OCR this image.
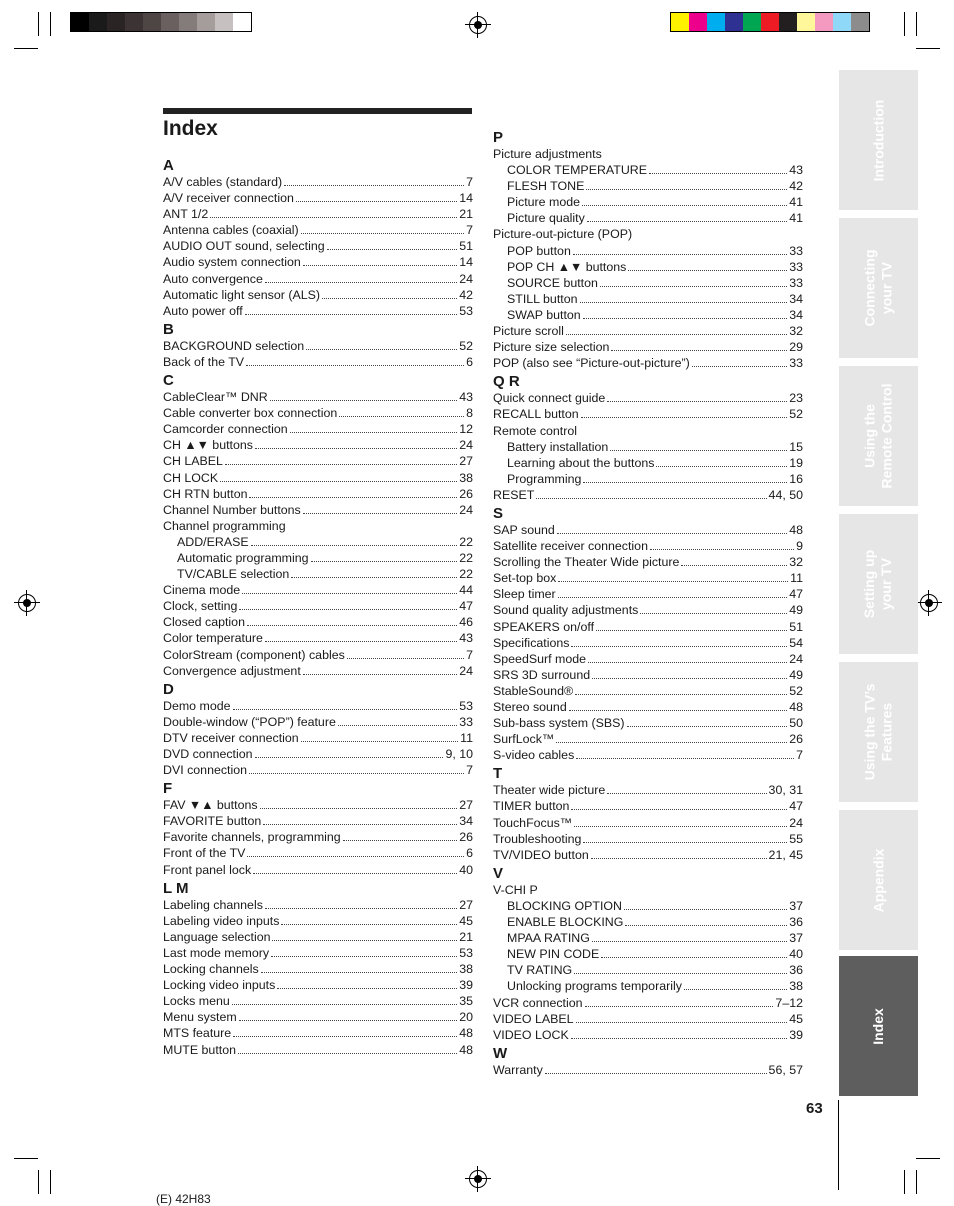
Index
A
A/V cables (standard)	7
A/V receiver connection	14
ANT 1/2	21
Antenna cables (coaxial)	7
AUDIO OUT sound, selecting	51
Audio system connection	14
Auto convergence	24
Automatic light sensor (ALS)	42
Auto power off	53
B
BACKGROUND selection	52
Back of the TV	6
C
CableClear™ DNR	43
Cable converter box connection	8
Camcorder connection	12
CH ▲▼ buttons	24
CH LABEL	27
CH LOCK	38
CH RTN button	26
Channel Number buttons	24
Channel programming
ADD/ERASE	22
Automatic programming	22
TV/CABLE selection	22
Cinema mode	44
Clock, setting	47
Closed caption	46
Color temperature	43
ColorStream (component) cables	7
Convergence adjustment	24
D
Demo mode	53
Double-window (“POP”) feature	33
DTV receiver connection	11
DVD connection	9, 10
DVI connection	7
F
FAV ▼▲ buttons	27
FAVORITE button	34
Favorite channels, programming	26
Front of the TV	6
Front panel lock	40
L M
Labeling channels	27
Labeling video inputs	45
Language selection	21
Last mode memory	53
Locking channels	38
Locking video inputs	39
Locks menu	35
Menu system	20
MTS feature	48
MUTE button	48
P
Picture adjustments
COLOR TEMPERATURE	43
FLESH TONE	42
Picture mode	41
Picture quality	41
Picture-out-picture (POP)
POP button	33
POP CH ▲▼ buttons	33
SOURCE button	33
STILL button	34
SWAP button	34
Picture scroll	32
Picture size selection	29
POP (also see “Picture-out-picture”)	33
Q R
Quick connect guide	23
RECALL button	52
Remote control
Battery installation	15
Learning about the buttons	19
Programming	16
RESET	44, 50
S
SAP sound	48
Satellite receiver connection	9
Scrolling the Theater Wide picture	32
Set-top box	11
Sleep timer	47
Sound quality adjustments	49
SPEAKERS on/off	51
Specifications	54
SpeedSurf mode	24
SRS 3D surround	49
StableSound®	52
Stereo sound	48
Sub-bass system (SBS)	50
SurfLock™	26
S-video cables	7
T
Theater wide picture	30, 31
TIMER button	47
TouchFocus™	24
Troubleshooting	55
TV/VIDEO button	21, 45
V
V-CHI P
BLOCKING OPTION	37
ENABLE BLOCKING	36
MPAA RATING	37
NEW PIN CODE	40
TV RATING	36
Unlocking programs temporarily	38
VCR connection	7–12
VIDEO LABEL	45
VIDEO LOCK	39
W
Warranty	56, 57
Introduction
Connecting
your TV
Using the
Remote Control
Setting up
your TV
Using the TV’s
Features
Appendix
Index
63
(E) 42H83
